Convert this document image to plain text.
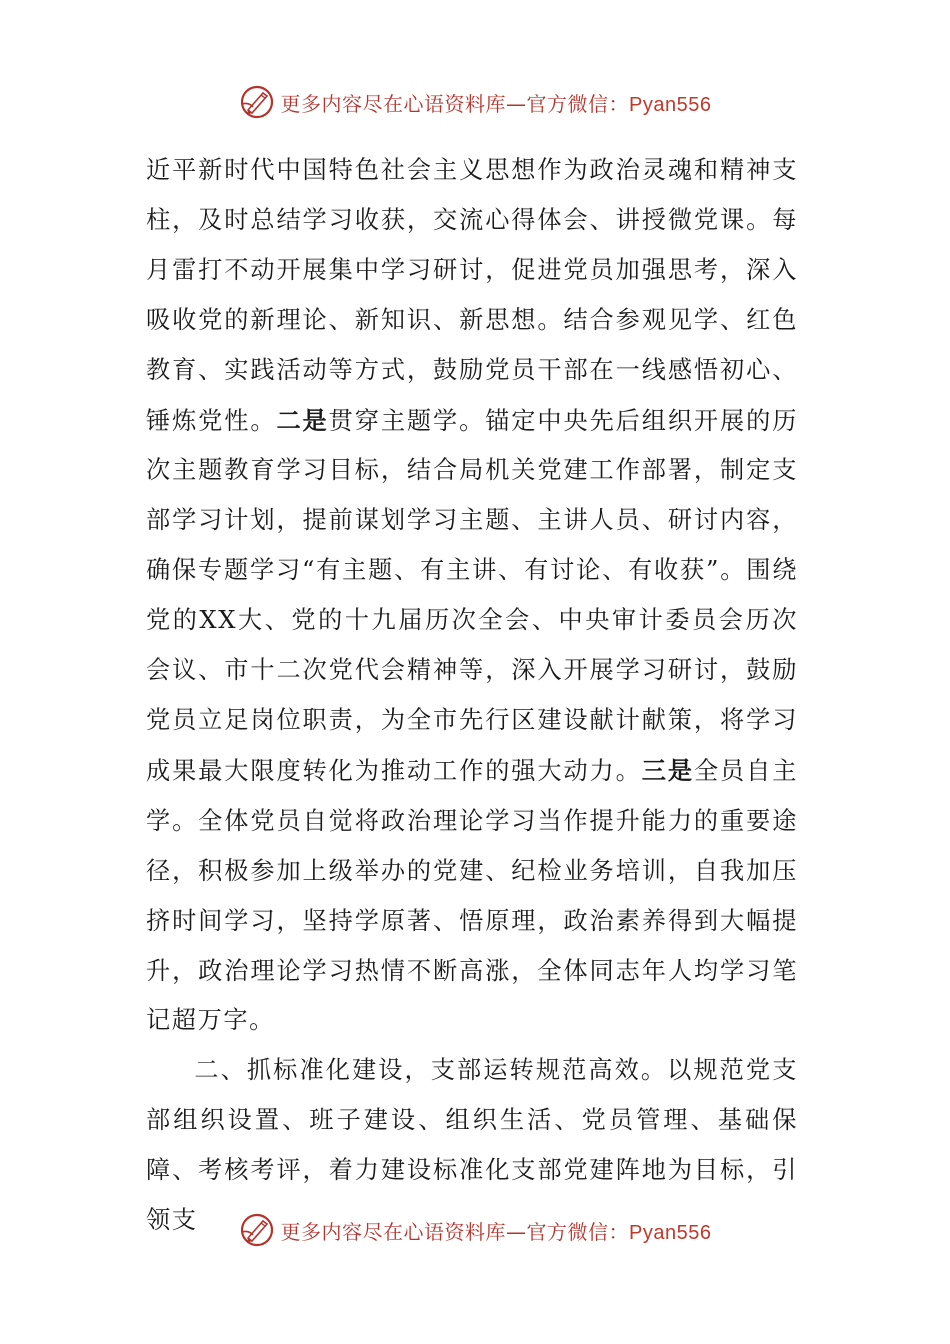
更多内容尽在心语资料库—官方微信：Pyan556

近平新时代中国特色社会主义思想作为政治灵魂和精神支柱，及时总结学习收获，交流心得体会、讲授微党课。每月雷打不动开展集中学习研讨，促进党员加强思考，深入吸收党的新理论、新知识、新思想。结合参观见学、红色教育、实践活动等方式，鼓励党员干部在一线感悟初心、锤炼党性。二是贯穿主题学。锚定中央先后组织开展的历次主题教育学习目标，结合局机关党建工作部署，制定支部学习计划，提前谋划学习主题、主讲人员、研讨内容，确保专题学习“有主题、有主讲、有讨论、有收获”。围绕党的XX大、党的十九届历次全会、中央审计委员会历次会议、市十二次党代会精神等，深入开展学习研讨，鼓励党员立足岗位职责，为全市先行区建设献计献策，将学习成果最大限度转化为推动工作的强大动力。三是全员自主学。全体党员自觉将政治理论学习当作提升能力的重要途径，积极参加上级举办的党建、纪检业务培训，自我加压挤时间学习，坚持学原著、悟原理，政治素养得到大幅提升，政治理论学习热情不断高涨，全体同志年人均学习笔记超万字。

二、抓标准化建设，支部运转规范高效。以规范党支部组织设置、班子建设、组织生活、党员管理、基础保障、考核考评，着力建设标准化支部党建阵地为目标，引领支	更多内容尽在心语资料库—官方微信：Pyan556
